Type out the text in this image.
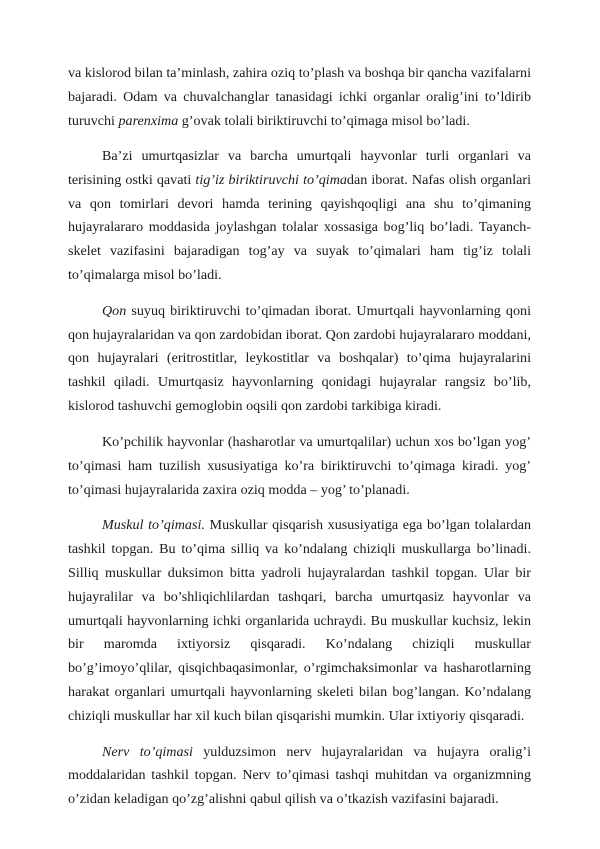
va kislorod bilan ta’minlash, zahira oziq to’plash va boshqa bir qancha vazifalarni bajaradi. Odam va chuvalchanglar tanasidagi ichki organlar oralig’ini to’ldirib turuvchi parenxima g’ovak tolali biriktiruvchi to’qimaga misol bo’ladi.

Ba’zi umurtqasizlar va barcha umurtqali hayvonlar turli organlari va terisining ostki qavati tig’iz biriktiruvchi to’qimadan iborat. Nafas olish organlari va qon tomirlari devori hamda terining qayishqoqligi ana shu to’qimaning hujayralararo moddasida joylashgan tolalar xossasiga bog’liq bo’ladi. Tayanch-skelet vazifasini bajaradigan tog’ay va suyak to’qimalari ham tig’iz tolali to’qimalarga misol bo’ladi.

Qon suyuq biriktiruvchi to’qimadan iborat. Umurtqali hayvonlarning qoni qon hujayralaridan va qon zardobidan iborat. Qon zardobi hujayralararo moddani, qon hujayralari (eritrostitlar, leykostitlar va boshqalar) to’qima hujayralarini tashkil qiladi. Umurtqasiz hayvonlarning qonidagi hujayralar rangsiz bo’lib, kislorod tashuvchi gemoglobin oqsili qon zardobi tarkibiga kiradi.

Ko’pchilik hayvonlar (hasharotlar va umurtqalilar) uchun xos bo’lgan yog’ to’qimasi ham tuzilish xususiyatiga ko’ra biriktiruvchi to’qimaga kiradi. yog’ to’qimasi hujayralarida zaxira oziq modda – yog’ to’planadi.

Muskul to’qimasi. Muskullar qisqarish xususiyatiga ega bo’lgan tolalardan tashkil topgan. Bu to’qima silliq va ko’ndalang chiziqli muskullarga bo’linadi. Silliq muskullar duksimon bitta yadroli hujayralardan tashkil topgan. Ular bir hujayralilar va bo’shliqichlilardan tashqari, barcha umurtqasiz hayvonlar va umurtqali hayvonlarning ichki organlarida uchraydi. Bu muskullar kuchsiz, lekin bir maromda ixtiyorsiz qisqaradi. Ko’ndalang chiziqli muskullar bo’g’imoyo’qlilar, qisqichbaqasimonlar, o’rgimchaksimonlar va hasharotlarning harakat organlari umurtqali hayvonlarning skeleti bilan bog’langan. Ko’ndalang chiziqli muskullar har xil kuch bilan qisqarishi mumkin. Ular ixtiyoriy qisqaradi.

Nerv to’qimasi yulduzsimon nerv hujayralaridan va hujayra oralig’i moddalaridan tashkil topgan. Nerv to’qimasi tashqi muhitdan va organizmning o’zidan keladigan qo’zg’alishni qabul qilish va o’tkazish vazifasini bajaradi.
